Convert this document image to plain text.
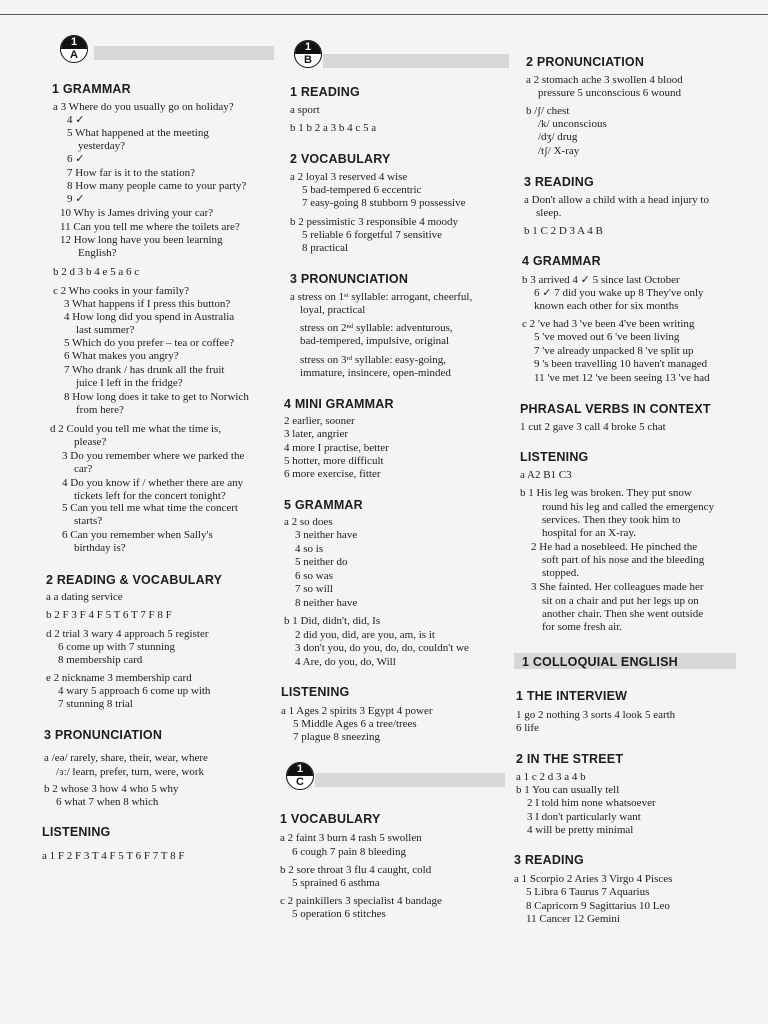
1
A
1
B
1
C
1 COLLOQUIAL ENGLISH
1 GRAMMAR
a 3 Where do you usually go on holiday?
4 ✓
5 What happened at the meeting
yesterday?
6 ✓
7 How far is it to the station?
8 How many people came to your party?
9 ✓
10 Why is James driving your car?
11 Can you tell me where the toilets are?
12 How long have you been learning
English?
b 2 d 3 b 4 e 5 a 6 c
c 2 Who cooks in your family?
3 What happens if I press this button?
4 How long did you spend in Australia
last summer?
5 Which do you prefer – tea or coffee?
6 What makes you angry?
7 Who drank / has drunk all the fruit
juice I left in the fridge?
8 How long does it take to get to Norwich
from here?
d 2 Could you tell me what the time is,
please?
3 Do you remember where we parked the
car?
4 Do you know if / whether there are any
tickets left for the concert tonight?
5 Can you tell me what time the concert
starts?
6 Can you remember when Sally's
birthday is?
2 READING & VOCABULARY
a a dating service
b 2 F 3 F 4 F 5 T 6 T 7 F 8 F
d 2 trial 3 wary 4 approach 5 register
6 come up with 7 stunning
8 membership card
e 2 nickname 3 membership card
4 wary 5 approach 6 come up with
7 stunning 8 trial
3 PRONUNCIATION
a /eə/ rarely, share, their, wear, where
/ɜː/ learn, prefer, turn, were, work
b 2 whose 3 how 4 who 5 why
6 what 7 when 8 which
LISTENING
a 1 F 2 F 3 T 4 F 5 T 6 F 7 T 8 F
1 READING
a sport
b 1 b 2 a 3 b 4 c 5 a
2 VOCABULARY
a 2 loyal 3 reserved 4 wise
5 bad-tempered 6 eccentric
7 easy-going 8 stubborn 9 possessive
b 2 pessimistic 3 responsible 4 moody
5 reliable 6 forgetful 7 sensitive
8 practical
3 PRONUNCIATION
a stress on 1ˢᵗ syllable: arrogant, cheerful,
loyal, practical
stress on 2ⁿᵈ syllable: adventurous,
bad-tempered, impulsive, original
stress on 3ʳᵈ syllable: easy-going,
immature, insincere, open-minded
4 MINI GRAMMAR
2 earlier, sooner
3 later, angrier
4 more I practise, better
5 hotter, more difficult
6 more exercise, fitter
5 GRAMMAR
a 2 so does
3 neither have
4 so is
5 neither do
6 so was
7 so will
8 neither have
b 1 Did, didn't, did, Is
2 did you, did, are you, am, is it
3 don't you, do you, do, do, couldn't we
4 Are, do you, do, Will
LISTENING
a 1 Ages 2 spirits 3 Egypt 4 power
5 Middle Ages 6 a tree/trees
7 plague 8 sneezing
1 VOCABULARY
a 2 faint 3 burn 4 rash 5 swollen
6 cough 7 pain 8 bleeding
b 2 sore throat 3 flu 4 caught, cold
5 sprained 6 asthma
c 2 painkillers 3 specialist 4 bandage
5 operation 6 stitches
2 PRONUNCIATION
a 2 stomach ache 3 swollen 4 blood
pressure 5 unconscious 6 wound
b /ʃ/ chest
/k/ unconscious
/dʒ/ drug
/tʃ/ X-ray
3 READING
a Don't allow a child with a head injury to
sleep.
b 1 C 2 D 3 A 4 B
4 GRAMMAR
b 3 arrived 4 ✓ 5 since last October
6 ✓ 7 did you wake up 8 They've only
known each other for six months
c 2 've had 3 've been 4've been writing
5 've moved out 6 've been living
7 've already unpacked 8 've split up
9 's been travelling 10 haven't managed
11 've met 12 've been seeing 13 've had
PHRASAL VERBS IN CONTEXT
1 cut 2 gave 3 call 4 broke 5 chat
LISTENING
a A2 B1 C3
b 1 His leg was broken. They put snow
round his leg and called the emergency
services. Then they took him to
hospital for an X-ray.
2 He had a nosebleed. He pinched the
soft part of his nose and the bleeding
stopped.
3 She fainted. Her colleagues made her
sit on a chair and put her legs up on
another chair. Then she went outside
for some fresh air.
1 THE INTERVIEW
1 go 2 nothing 3 sorts 4 look 5 earth
6 life
2 IN THE STREET
a 1 c 2 d 3 a 4 b
b 1 You can usually tell
2 I told him none whatsoever
3 I don't particularly want
4 will be pretty minimal
3 READING
a 1 Scorpio 2 Aries 3 Virgo 4 Pisces
5 Libra 6 Taurus 7 Aquarius
8 Capricorn 9 Sagittarius 10 Leo
11 Cancer 12 Gemini
